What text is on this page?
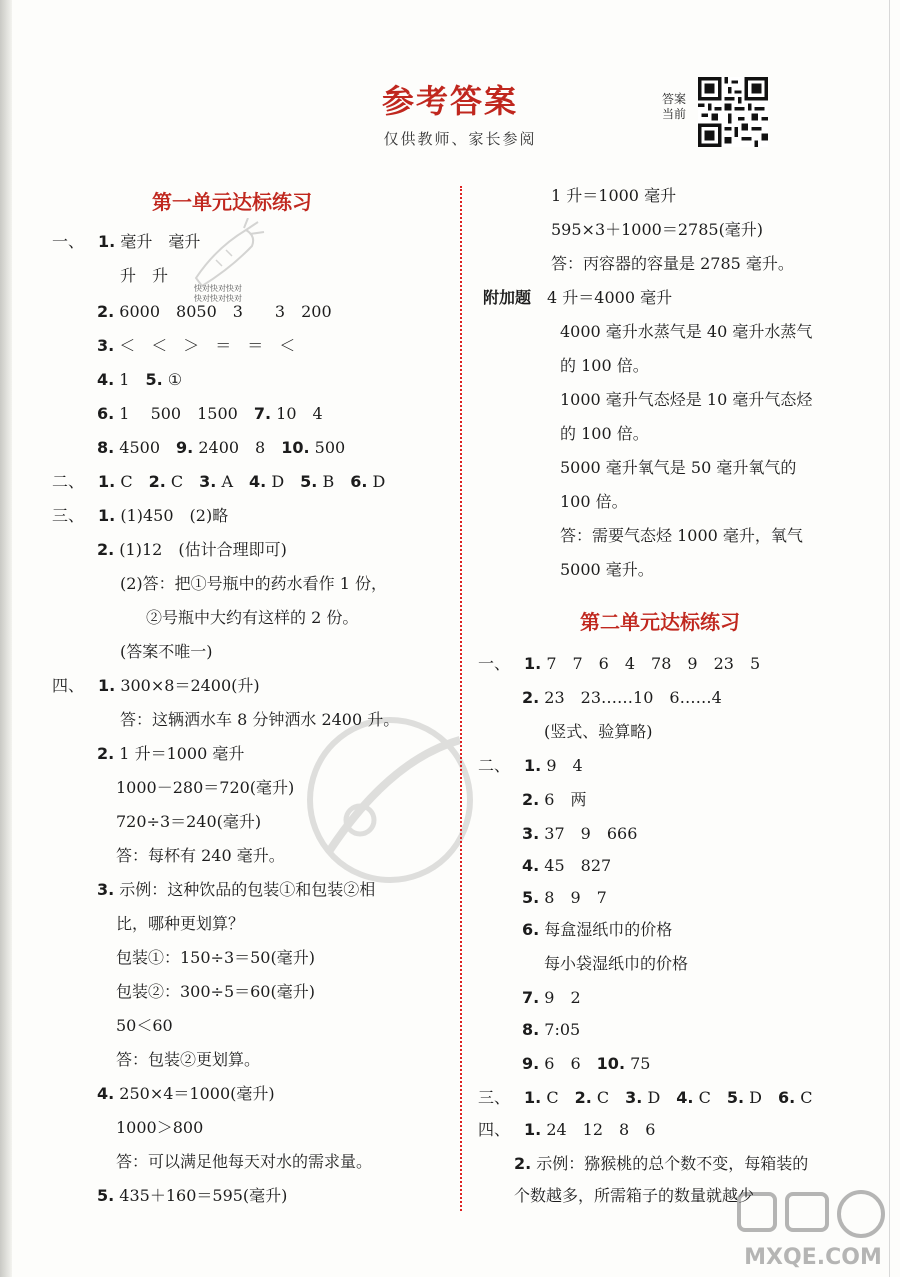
参考答案
仅供教师、家长参阅
答案
当前
快对快对快对
快对快对快对
第一单元达标练习
一、 1. 毫升　毫升
升　升
2. 6000　8050　3　　3　200
3. ＜　＜　＞　＝　＝　＜
4. 1　5. ①
6. 1　 500　1500　7. 10　4
8. 4500　9. 2400　8　10. 500
二、 1. C　2. C　3. A　4. D　5. B　6. D
三、 1. (1)450　(2)略
2. (1)12　(估计合理即可)
(2)答：把①号瓶中的药水看作 1 份，
②号瓶中大约有这样的 2 份。
(答案不唯一)
四、 1. 300×8＝2400(升)
答：这辆洒水车 8 分钟洒水 2400 升。
2. 1 升＝1000 毫升
1000－280＝720(毫升)
720÷3＝240(毫升)
答：每杯有 240 毫升。
3. 示例：这种饮品的包装①和包装②相
比，哪种更划算？
包装①：150÷3＝50(毫升)
包装②：300÷5＝60(毫升)
50＜60
答：包装②更划算。
4. 250×4＝1000(毫升)
1000＞800
答：可以满足他每天对水的需求量。
5. 435＋160＝595(毫升)
1 升＝1000 毫升
595×3＋1000＝2785(毫升)
答：丙容器的容量是 2785 毫升。
附加题　4 升＝4000 毫升
4000 毫升水蒸气是 40 毫升水蒸气
的 100 倍。
1000 毫升气态烃是 10 毫升气态烃
的 100 倍。
5000 毫升氧气是 50 毫升氧气的
100 倍。
答：需要气态烃 1000 毫升，氧气
5000 毫升。
第二单元达标练习
一、 1. 7　7　6　4　78　9　23　5
2. 23　23……10　6……4
(竖式、验算略)
二、 1. 9　4
2. 6　两
3. 37　9　666
4. 45　827
5. 8　9　7
6. 每盒湿纸巾的价格
每小袋湿纸巾的价格
7. 9　2
8. 7:05
9. 6　6　10. 75
三、 1. C　2. C　3. D　4. C　5. D　6. C
四、 1. 24　12　8　6
2. 示例：猕猴桃的总个数不变，每箱装的
个数越多，所需箱子的数量就越少
MXQE.COM
